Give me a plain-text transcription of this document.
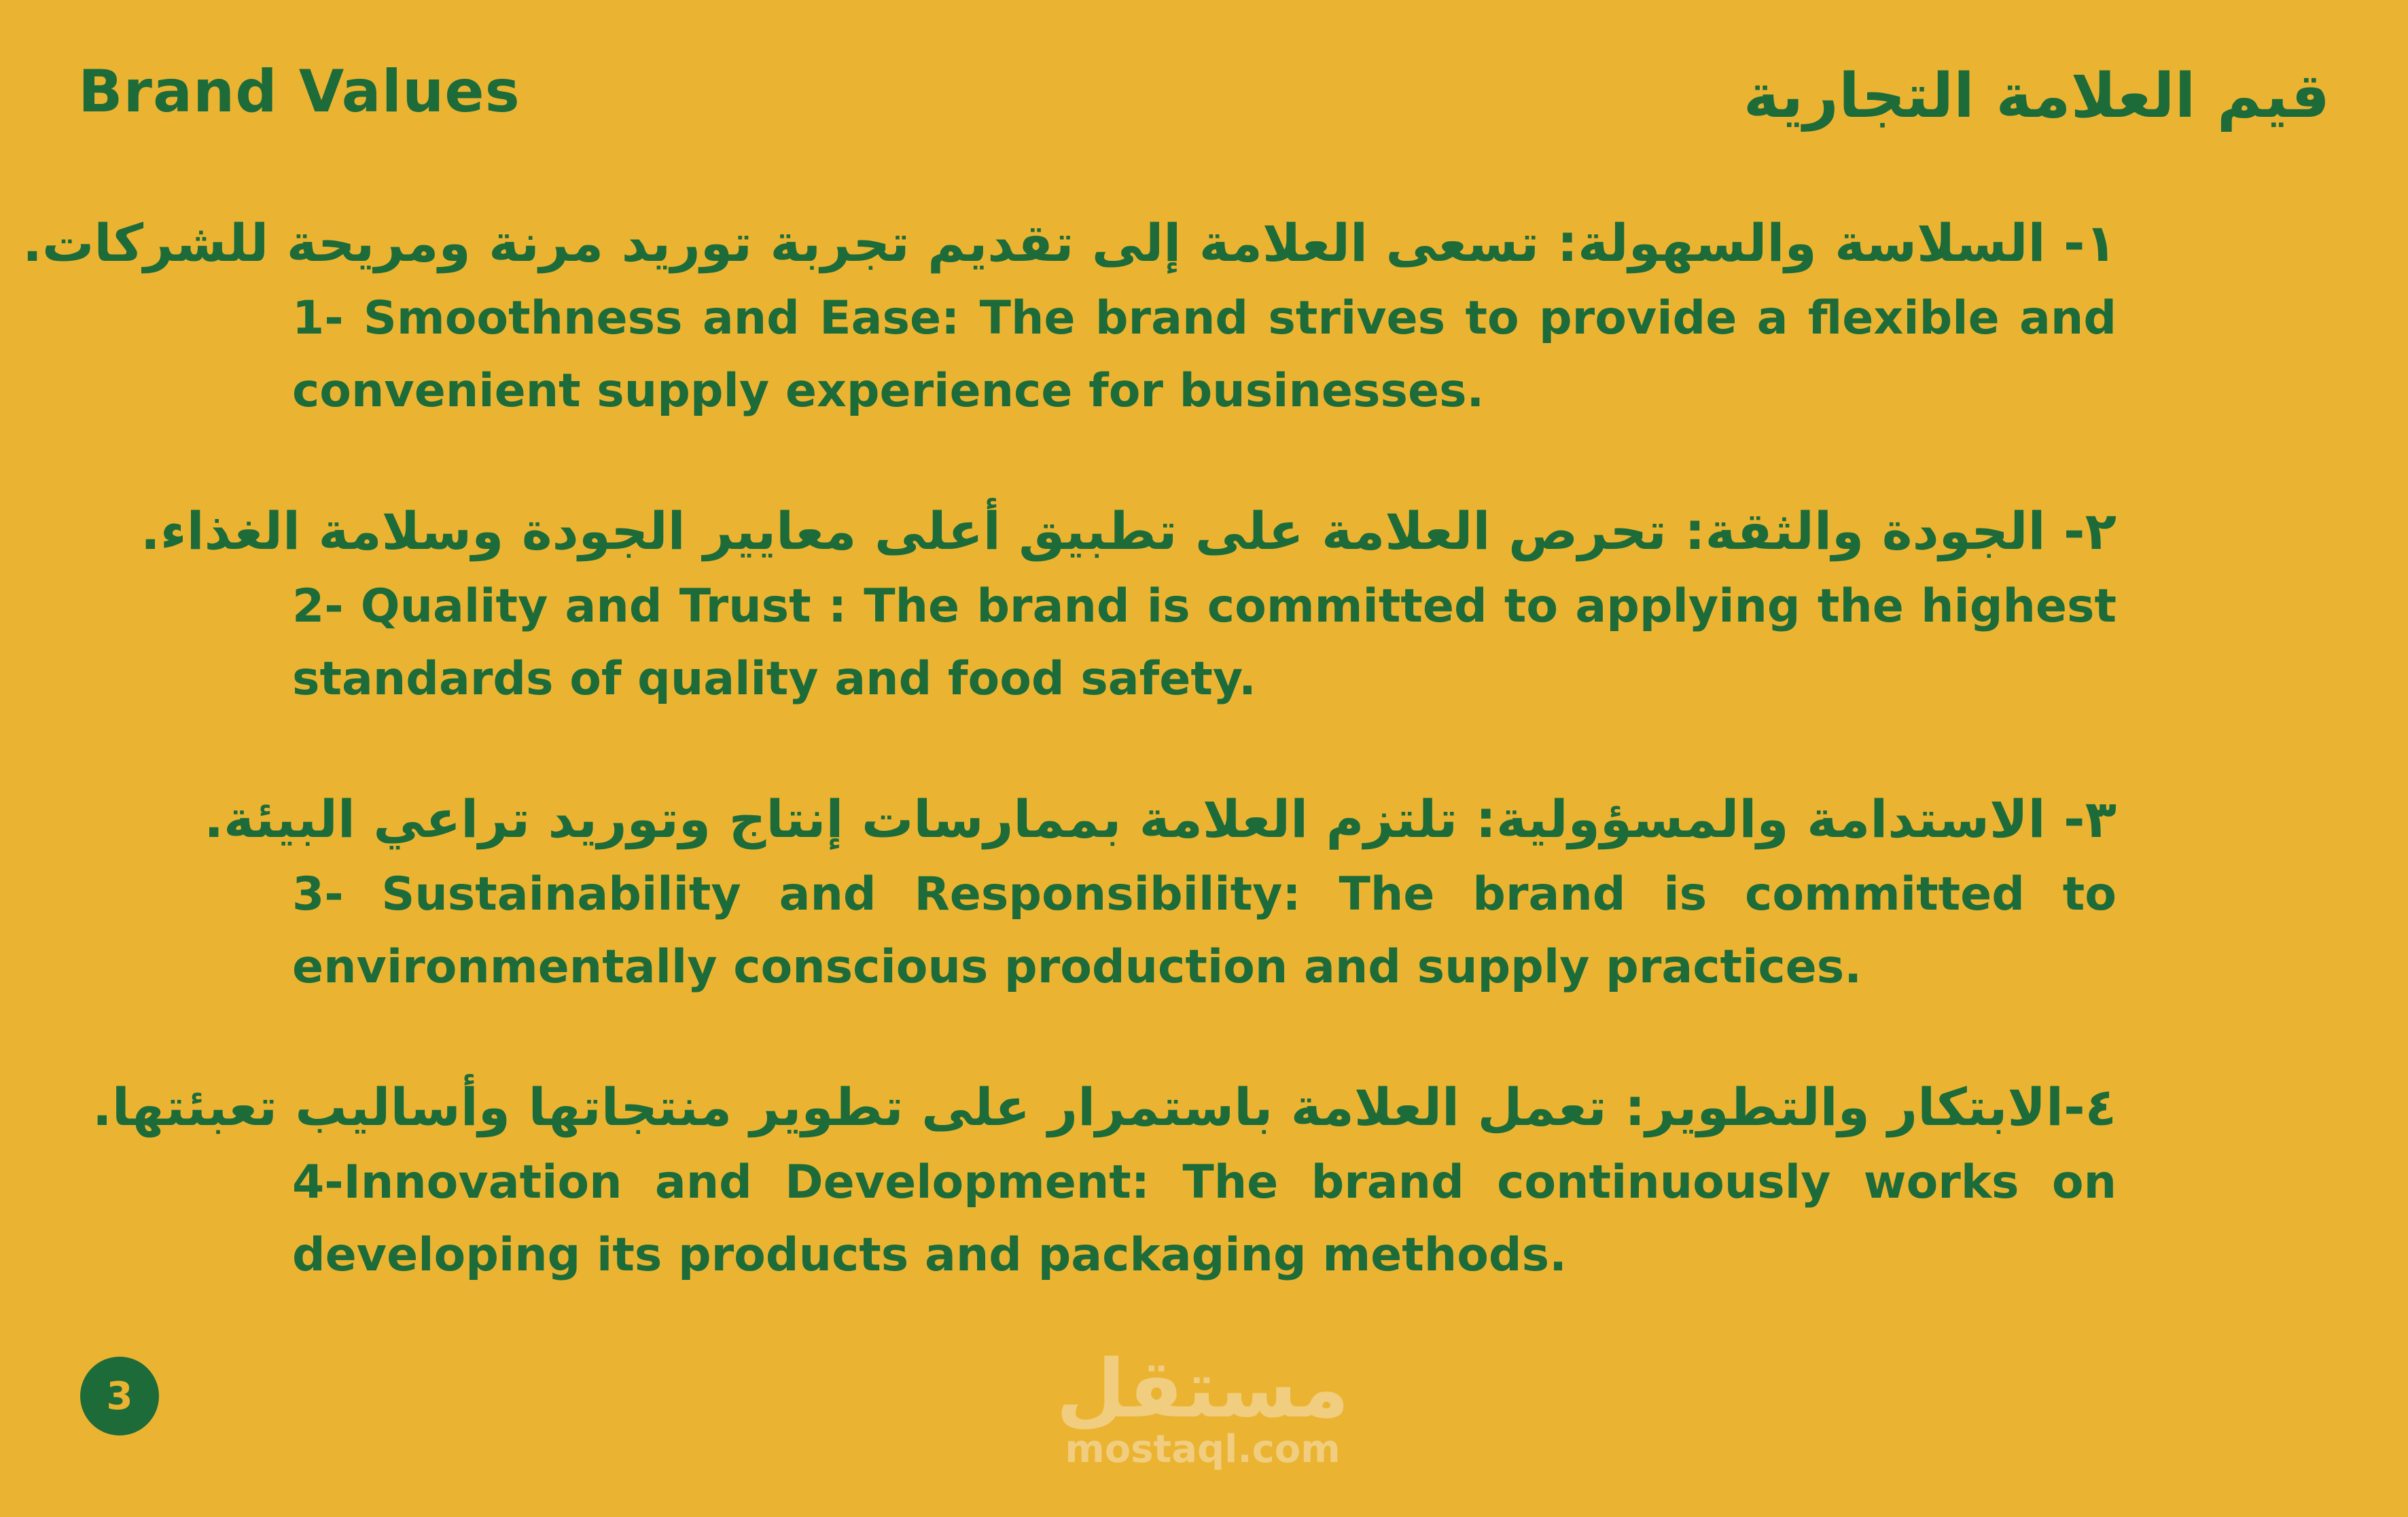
Brand Values	قيم العلامة التجارية
١- السلاسة والسهولة: تسعى العلامة إلى تقديم تجربة توريد مرنة ومريحة للشركات.
1- Smoothness and Ease: The brand strives to provide a flexible and convenient supply experience for businesses.
٢- الجودة والثقة: تحرص العلامة على تطبيق أعلى معايير الجودة وسلامة الغذاء.
2- Quality and Trust : The brand is committed to applying the highest standards of quality and food safety.
٣- الاستدامة والمسؤولية: تلتزم العلامة بممارسات إنتاج وتوريد تراعي البيئة.
3- Sustainability and Responsibility: The brand is committed to environmentally conscious production and supply practices.
٤-الابتكار والتطوير: تعمل العلامة باستمرار على تطوير منتجاتها وأساليب تعبئتها.
4-Innovation and Development: The brand continuously works on developing its products and packaging methods.
3	مستقل
mostaql.com
